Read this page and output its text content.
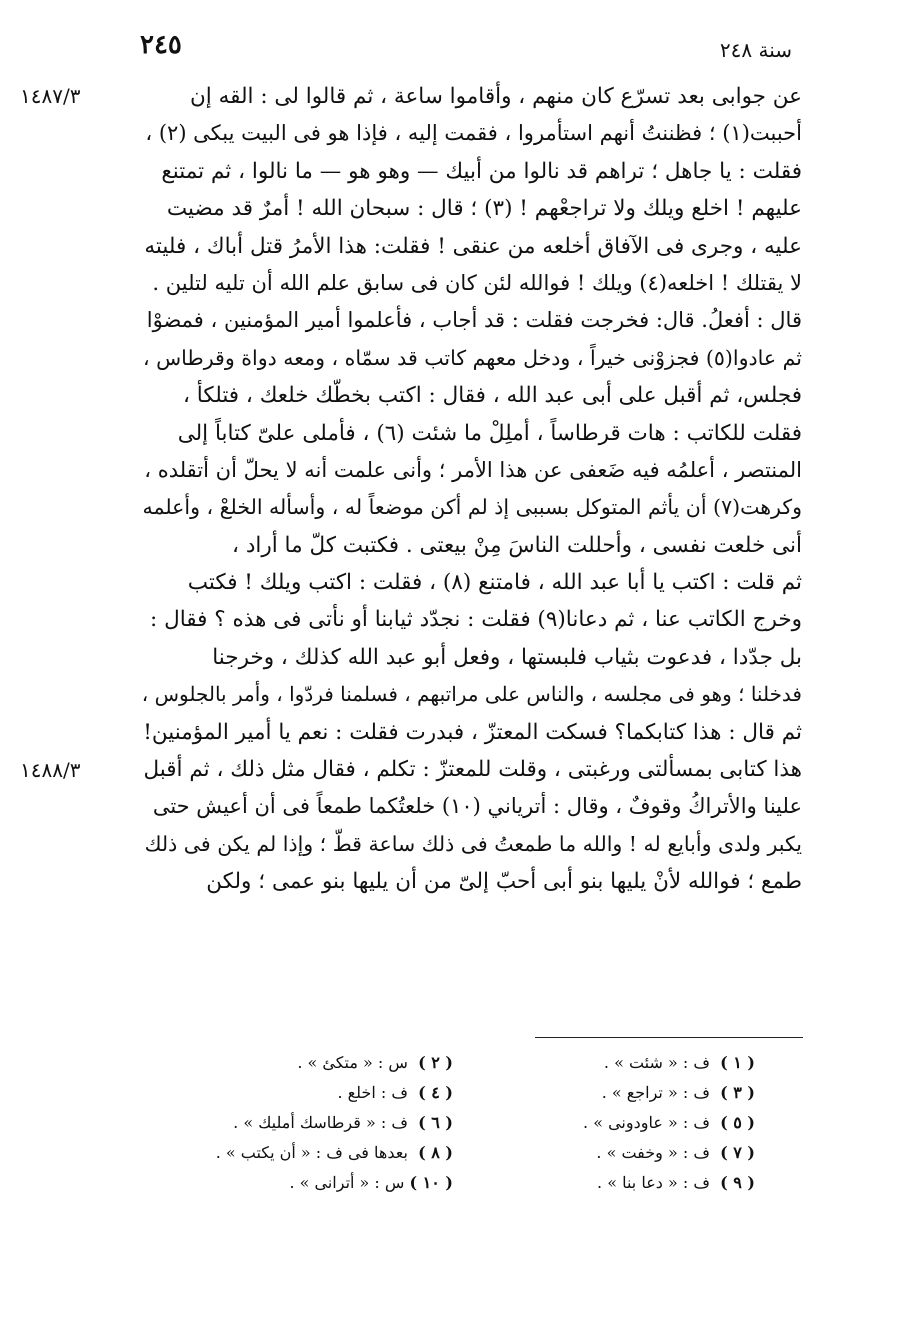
٢٤٥	سنة ٢٤٨
١٤٨٧/٣
١٤٨٨/٣
عن جوابى بعد تسرّع كان منهم ، وأقاموا ساعة ، ثم قالوا لى : القه إن
أحببت(١) ؛ فظننتُ أنهم استأمروا ، فقمت إليه ، فإذا هو فى البيت يبكى (٢) ،
فقلت : يا جاهل ؛ تراهم قد نالوا من أبيك — وهو هو — ما نالوا ، ثم تمتنع
عليهم ! اخلع ويلك ولا تراجعْهم ! (٣) ؛ قال : سبحان الله ! أمرٌ قد مضيت
عليه ، وجرى فى الآفاق أخلعه من عنقى ! فقلت: هذا الأمرُ قتل أباك ، فليته
لا يقتلك ! اخلعه(٤) ويلك ! فوالله لئن كان فى سابق علم الله أن تليه لتلين .
قال : أفعلُ. قال: فخرجت فقلت : قد أجاب ، فأعلموا أمير المؤمنين ، فمضوْا
ثم عادوا(٥) فجزوْنى خيراً ، ودخل معهم كاتب قد سمّاه ، ومعه دواة وقرطاس ،
فجلس، ثم أقبل على أبى عبد الله ، فقال : اكتب بخطّك خلعك ، فتلكأ ،
فقلت للكاتب : هات قرطاساً ، أملِلْ ما شئت (٦) ، فأملى علىّ كتاباً إلى
المنتصر ، أعلمُه فيه ضَعفى عن هذا الأمر ؛ وأنى علمت أنه لا يحلّ أن أتقلده ،
وكرهت(٧) أن يأثم المتوكل بسببى إذ لم أكن موضعاً له ، وأسأله الخلعْ ، وأعلمه
أنى خلعت نفسى ، وأحللت الناسَ مِنْ بيعتى . فكتبت كلّ ما أراد ،
ثم قلت : اكتب يا أبا عبد الله ، فامتنع (٨) ، فقلت : اكتب ويلك ! فكتب
وخرج الكاتب عنا ، ثم دعانا(٩) فقلت : نجدّد ثيابنا أو نأتى فى هذه ؟ فقال :
بل جدّدا ، فدعوت بثياب فلبستها ، وفعل أبو عبد الله كذلك ، وخرجنا
فدخلنا ؛ وهو فى مجلسه ، والناس على مراتبهم ، فسلمنا فردّوا ، وأمر بالجلوس ،
ثم قال : هذا كتابكما؟ فسكت المعتزّ ، فبدرت فقلت : نعم يا أمير المؤمنين!
هذا كتابى بمسألتى ورغبتى ، وقلت للمعتزّ : تكلم ، فقال مثل ذلك ، ثم أقبل
علينا والأتراكُ وقوفٌ ، وقال : أترياني (١٠) خلعتُكما طمعاً فى أن أعيش حتى
يكبر ولدى وأبايع له ! والله ما طمعتُ فى ذلك ساعة قطّ ؛ وإذا لم يكن فى ذلك
طمع ؛ فوالله لأنْ يليها بنو أبى أحبّ إلىّ من أن يليها بنو عمى ؛ ولكن
( ١ ) ف : « شئت » .
( ٢ ) س : « متكئ » .
( ٣ ) ف : « تراجع » .
( ٤ ) ف : اخلع .
( ٥ ) ف : « عاودونى » .
( ٦ ) ف : « قرطاسك أمليك » .
( ٧ ) ف : « وخفت » .
( ٨ ) بعدها فى ف : « أن يكتب » .
( ٩ ) ف : « دعا بنا » .
( ١٠ ) س : « أترانى » .
